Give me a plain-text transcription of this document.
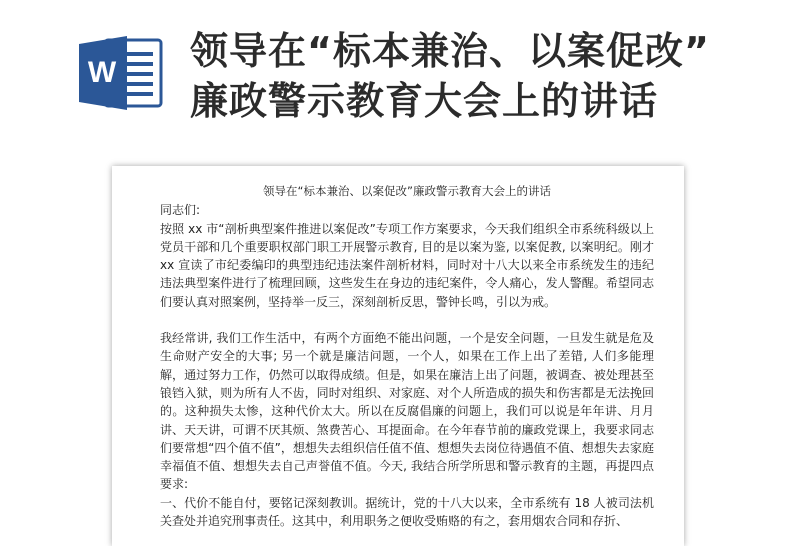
W 领导在“标本兼治、以案促改”
廉政警示教育大会上的讲话
领导在“标本兼治、以案促改”廉政警示教育大会上的讲话
同志们:
按照 xx 市“剖析典型案件推进以案促改”专项工作方案要求，今天我们组织全市系统科级以上党员干部和几个重要职权部门职工开展警示教育, 目的是以案为鉴, 以案促教, 以案明纪。刚才 xx 宣读了市纪委编印的典型违纪违法案件剖析材料，同时对十八大以来全市系统发生的违纪违法典型案件进行了梳理回顾，这些发生在身边的违纪案件，令人痛心，发人警醒。希望同志们要认真对照案例，坚持举一反三，深刻剖析反思，警钟长鸣，引以为戒。
我经常讲, 我们工作生活中，有两个方面绝不能出问题，一个是安全问题，一旦发生就是危及生命财产安全的大事; 另一个就是廉洁问题，一个人，如果在工作上出了差错, 人们多能理解，通过努力工作，仍然可以取得成绩。但是，如果在廉洁上出了问题，被调查、被处理甚至锒铛入狱，则为所有人不齿，同时对组织、对家庭、对个人所造成的损失和伤害都是无法挽回的。这种损失太惨，这种代价太大。所以在反腐倡廉的问题上，我们可以说是年年讲、月月讲、天天讲，可谓不厌其烦、煞费苦心、耳提面命。在今年春节前的廉政党课上，我要求同志们要常想“四个值不值”，想想失去组织信任值不值、想想失去岗位待遇值不值、想想失去家庭幸福值不值、想想失去自己声誉值不值。今天, 我结合所学所思和警示教育的主题，再提四点要求:
一、代价不能自付，要铭记深刻教训。据统计，党的十八大以来，全市系统有 18 人被司法机关查处并追究刑事责任。这其中，利用职务之便收受贿赂的有之，套用烟农合同和存折、
